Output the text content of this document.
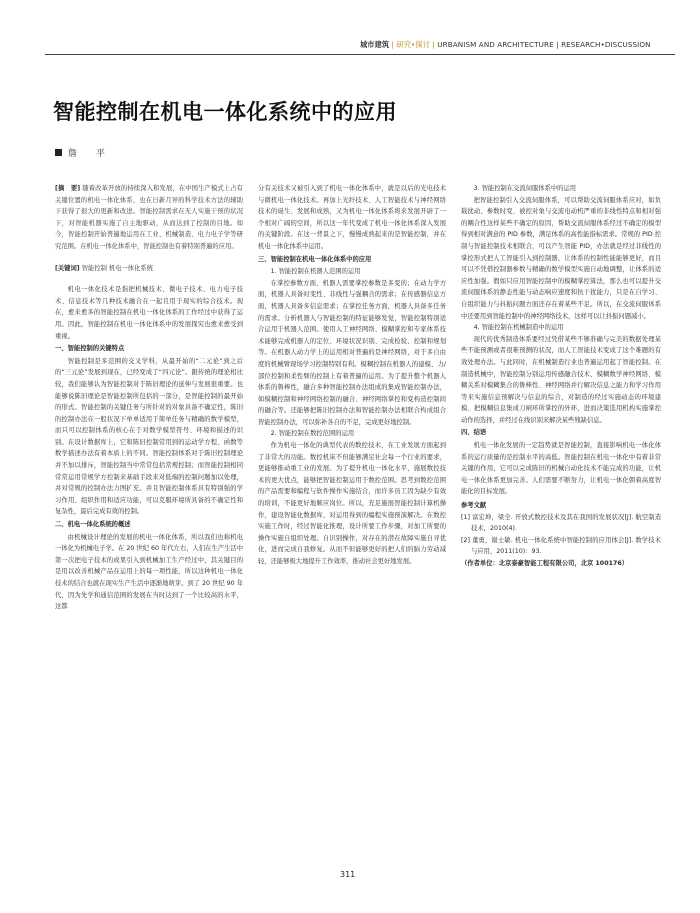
城市建筑 | 研究•探讨 | URBANISM AND ARCHITECTURE | RESEARCH•DISCUSSION
智能控制在机电一体化系统中的应用
詹 平

[摘　要] 随着改革开放的持续深入和发展，在中国生产模式上占有关键位置的机电一体化体系，也在日新月异的科学技术方法的辅助下获得了很大的更新和改进。智能控制需求在无人实施干预的状况下，对智能机器实施了自主地驱动，从而达到了控制的目地。如今，智能控制开始普遍地运用在工业、机械制造、电力电子学等研究范围。在机电一体化体系中，智能控制也有着特别普遍的应用。

[关键词] 智能控制 机电一体化系统

机电一体化技术是指把机械技术、微电子技术、电力电子技术、信息技术等几种技术融合在一起且用于现实的综合技术。现在，愈来愈多的智能控制在机电一体化体系的工作经过中获得了运用。因此，智能控制在机电一体化体系中的发展探究也愈来愈受到重视。

一、智能控制的关键特点

智能控制是多范围的交叉学科，从最开始的“二元论”到之后的“三元论”发展到现在，已经变成了“四元论”。跟传统的理论相比较，我们能够认为智能控制对于陈旧理论的延伸与发展很重要。也能够说陈旧理论是智能控制所包括的一部分，是智能控制的最开始的形式。智能控制的关键任务与所针对的对象具备不确定性，陈旧的控制办法在一般状况下单单适用于简单任务与精确的数学模型，而只可以控制体系的核心在于对数学模型符号、环境和描述的识别。在设计数据库上，它和陈旧控制常用到的运动学方程、函数等数学描述办法有着本质上的不同。智能控制体系对于陈旧控制理论并不加以排斥，智能控制当中常常包括常规控制；而智能控制相同常常运用常规学方控制来基础手段来对低端的控制问题加以处理，并对常规的控制办法力图扩充。并且智能控制体系具有特别强的学习作用、组织作用和适应功能，可以克服环境所具备的不确定性和复杂性，最后完成有效的控制。

二、机电一体化系统的概述

由机械设计理论的发展的机电一体化体系，所以我们也称机电一体化为机械电子学。在 20 世纪 60 年代左右，人们在生产生活中第一次把电子技术的成果引入到机械加工生产经过中，其关键目的是用以改善机械产品在运用上的每一项性能，所以这种机电一体化技术的结合也就在现实生产生活中逐渐地萌芽。到了 20 世纪 90 年代，因为先学和通信范围的发展在当时达到了一个比较高的水平，这都

分有关技术又被引入到了机电一体化体系中，就是以后的光电技术与微机电一体化技术。再加上光纤技术、人工智能技术与神经网络技术的诞生、发展和成熟，又为机电一体化体系将来发展开辟了一个相对广阔的空间，所以这一年代变成了机电一体化体系深入发展的关键阶段。在这一背景之下，慢慢成熟起来的是智能控制，并在机电一体化体系中运用。

三、智能控制在机电一体化体系中的应用

1. 智能控制在机器人范围的运用

在掌控参数方面，机器人需要掌控参数是多变的；在动力学方面，机器人具备时变性、非线性与强耦合的需求；在传感器信息方面，机器人具备多信息需求；在掌控任务方面，机器人具备多任务的需求。分析机器人与智能控制的特征能够发觉，智能控制特别适合运用于机器人范围。使用人工神经网络、模糊掌控和专家体系技术能够完成机器人的定位、环境状况识别、完成检验、控制和规划等。在机器人动力学上的运用相对普遍的是神经网络，对于多自由度的机械臂现场学习控制特别有利。模糊控制在机器人的建模、力/部位控制和柔性臂的控制上有着普遍的运用。为了提升整个机器人体系的鲁棒性，融合多种智能控制办法组成的集成智能控制办法，如模糊控制和神经网络控制的融合、神经网络掌控和变构造控制间的融合等。还能够把陈旧控制办法和智能控制办法相联合构成组合智能控制办法，可以弥补各自的不足，完成更好地控制。

2. 智能控制在数控范围的运用

作为机电一体化的典型代表的数控技术，在工业发展方面起到了非常大的功能。数控机床不但能够满足社会每一个行业的要求，更能够推动重工业的发展。为了提升机电一体化水平，施展数控技术的更大优点，能够把智能控制运用于数控范围。思考到数控范围的产品需要和编程与软件操作实施结合，而许多员工因为缺少有效的培训，不能更好地顺应岗位。所以，充足施展智能控制计算机操作，建设智能化数据库，对运用得到的编程实施预演解决。在数控实施工作时，经过智能化推理，设计所要工作步骤，对加工所要的操作实施自组织处理。自识别操作，对存在的潜在故障实施自寻优化，进而完成自我修复。从而不但能够更好的把人们的脑力劳动减轻，还能够极大地提升工作效率，推动社会更好地发展。

3. 智能控制在交流伺服体系中的运用

把智能控制引入交流伺服体系，可以帮助交流伺服体系应对，如负载扰动、参数时变、被控对象与交流电动机严重的非线性特点和相对强的耦合性这样某些不确定的原因，帮助交流伺服体系经过不确定的模型得到相对满意的 PID 参数，满足体系的高性能指标需求。常规的 PID 控制与智能控制技术相联合，可以产生智能 PID，办法就是经过非线性的掌控形式把人工智能引入到控制器，让体系的控制性能能够更好，而且可以不凭借控制器参数与精确的数学模型实施自动地调整，让体系的适应性加强。假如只应用智能控制中的模糊掌控算法，那么也可以提升交流伺服体系的静态性能与动态响应速度和抗干扰能力，只是在自学习、自组织能力与抖振问题方面还存在着某些不足。所以，在交流伺服体系中还要用到智能控制中的神经网络技术，这样可以让抖振问题减小。

4. 智能控制在机械制造中的运用

现代的优秀制造体系要经过凭借某些不够准确与完美的数据处理某些不能预测或者很难预测的状况，而人工智能技术变成了这个难题的有效处理办法。与此同时，在机械制造行业也普遍运用起了智能控制。在制造机械中，智能控制分别运用传感融合技术、模糊数学神经网络、模糊关系对模糊集合的鲁棒性、神经网络并行解决信息之能力和学习作用等来实施信息预解决与信息的综合，对制造的经过实施动态的环境建模、把模糊信息集成刀闸环所掌控的外环，进而决策选用机构实施掌控动作的选择，并经过在线识别来解决某些残缺信息。

四、结语

机电一体化发展的一定趋势就是智能控制，直接影响机电一体化体系的运行质量的是控制水平的高低。智能控制在机电一体化中有着非常关键的作用，它可以完成陈旧的机械自动化技术不能完成的功能，让机电一体化体系更加完善。人们需要不断努力，让机电一体化朝着高度智能化的目标发展。

参考文献

[1] 富宏坤，梁全. 开放式数控技术及其在我国的发展状况[J]. 航空制造技术，2010(4).

[2] 董勇，谢士敏. 机电一体化系统中智能控制的应用体会[J]. 数学技术与应用，2011(10)：93.

（作者单位：北京泰豪智能工程有限公司，北京 100176）

311
